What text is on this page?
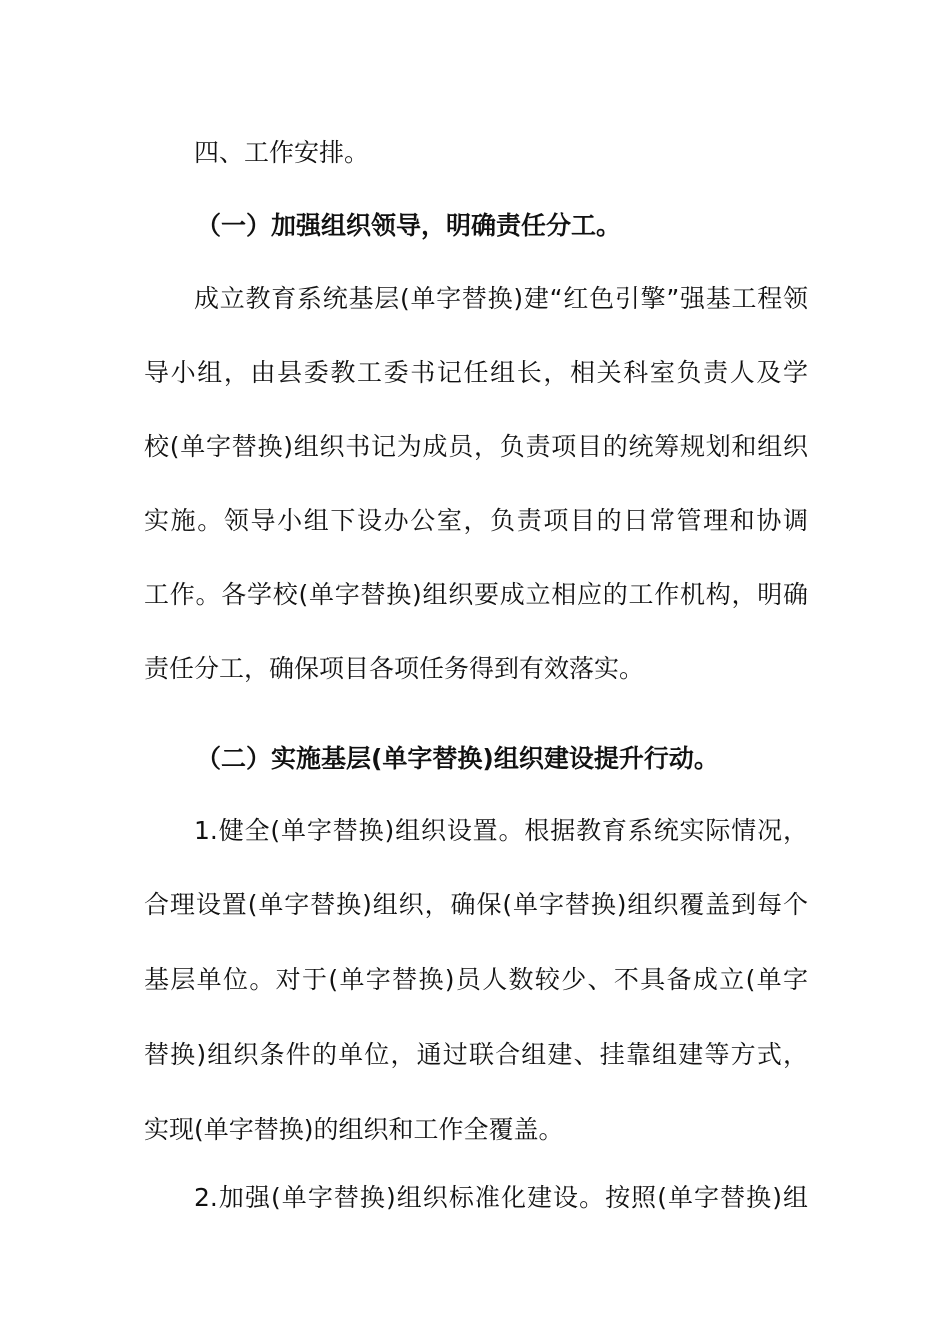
四、工作安排。
（一）加强组织领导，明确责任分工。
成立教育系统基层(单字替换)建“红色引擎”强基工程领
导小组，由县委教工委书记任组长，相关科室负责人及学
校(单字替换)组织书记为成员，负责项目的统筹规划和组织
实施。领导小组下设办公室，负责项目的日常管理和协调
工作。各学校(单字替换)组织要成立相应的工作机构，明确
责任分工，确保项目各项任务得到有效落实。
（二）实施基层(单字替换)组织建设提升行动。
1.健全(单字替换)组织设置。根据教育系统实际情况，
合理设置(单字替换)组织，确保(单字替换)组织覆盖到每个
基层单位。对于(单字替换)员人数较少、不具备成立(单字
替换)组织条件的单位，通过联合组建、挂靠组建等方式，
实现(单字替换)的组织和工作全覆盖。
2.加强(单字替换)组织标准化建设。按照(单字替换)组
